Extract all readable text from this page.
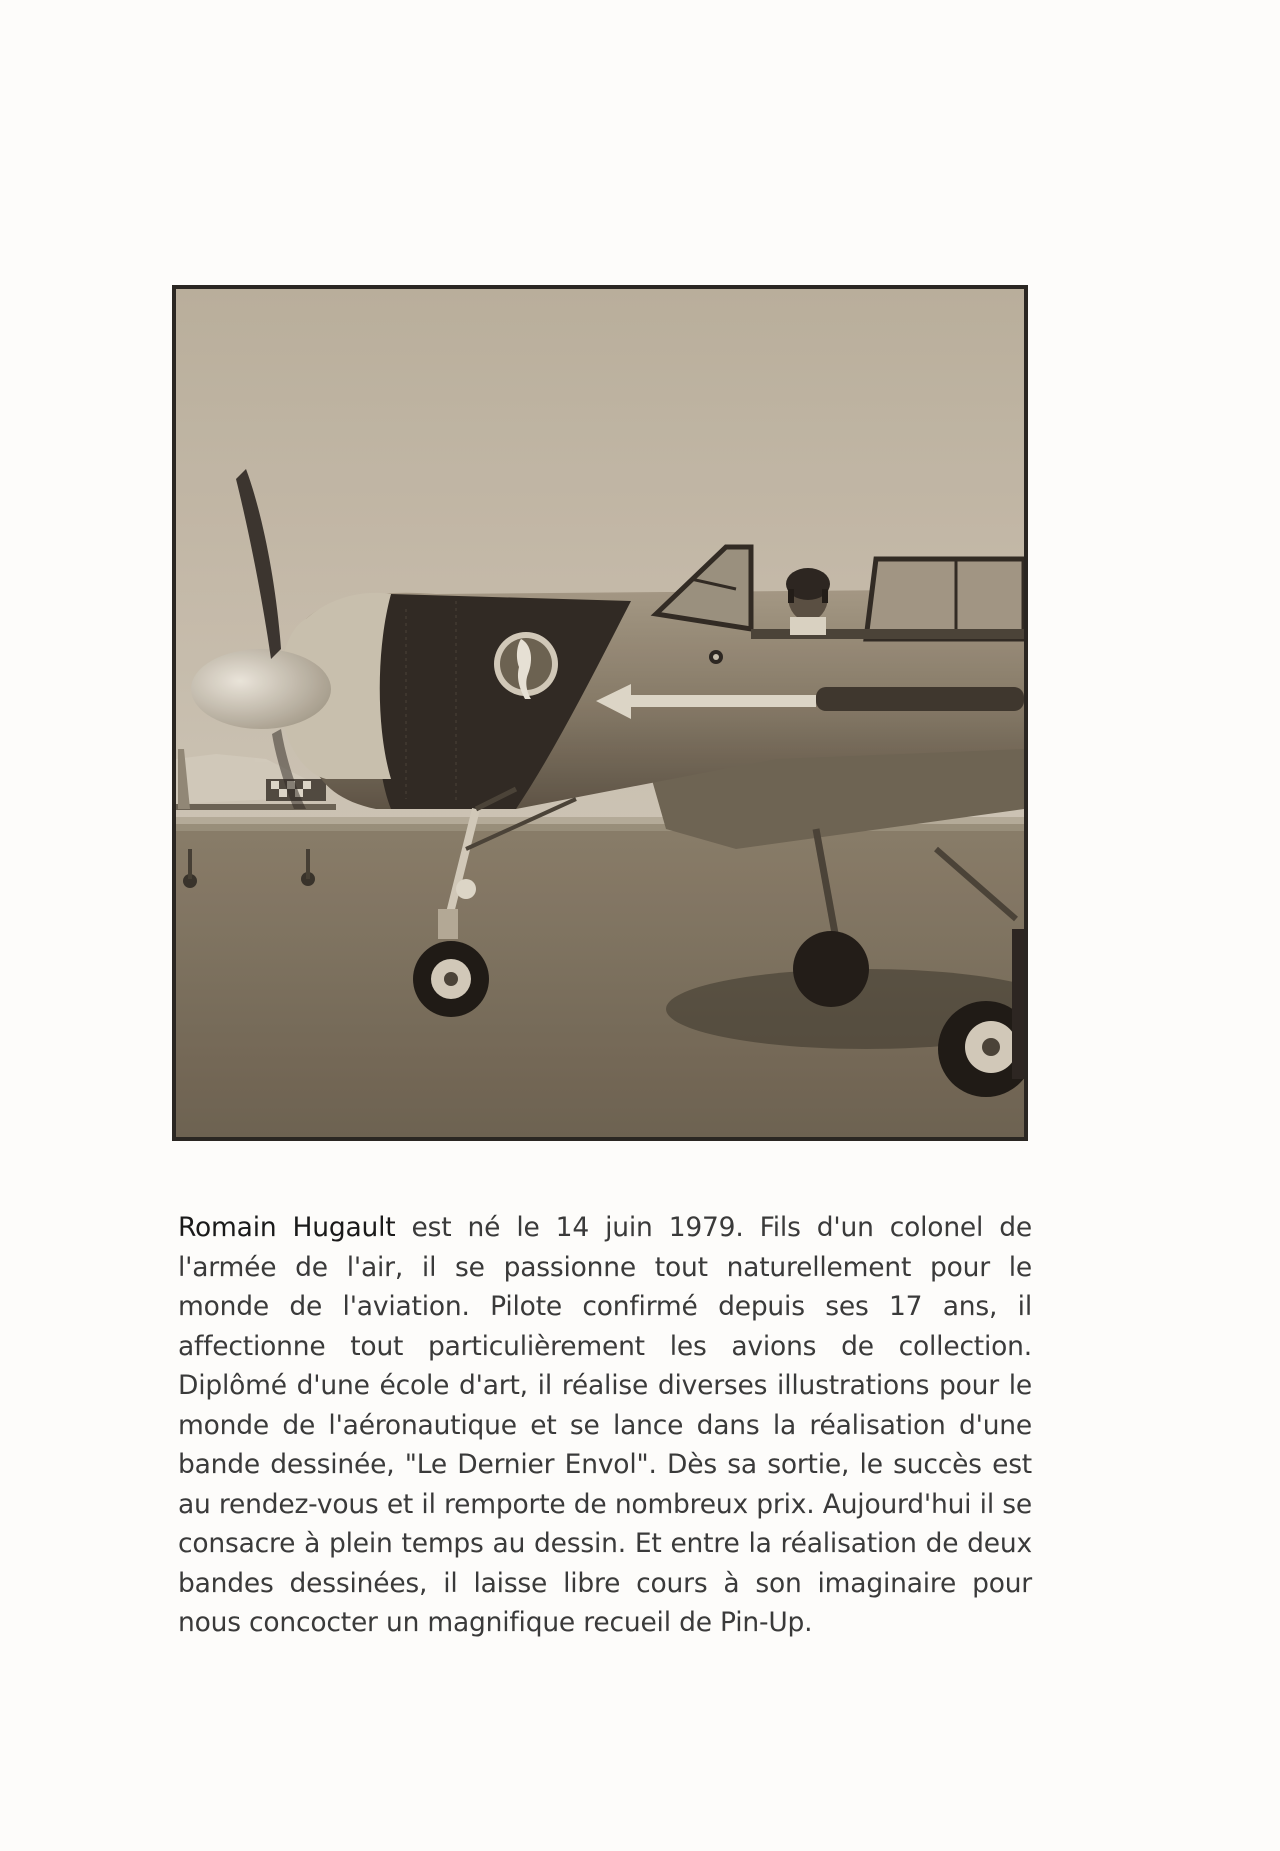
Romain Hugault est né le 14 juin 1979. Fils d'un colonel de l'armée de l'air, il se passionne tout naturellement pour le monde de l'aviation. Pilote confirmé depuis ses 17 ans, il affectionne tout particulièrement les avions de collection. Diplômé d'une école d'art, il réalise diverses illustrations pour le monde de l'aéronautique et se lance dans la réalisation d'une bande dessinée, "Le Dernier Envol". Dès sa sortie, le succès est au rendez-vous et il remporte de nombreux prix. Aujourd'hui il se consacre à plein temps au dessin. Et entre la réalisation de deux bandes dessinées, il laisse libre cours à son imaginaire pour nous concocter un magnifique recueil de Pin-Up.
